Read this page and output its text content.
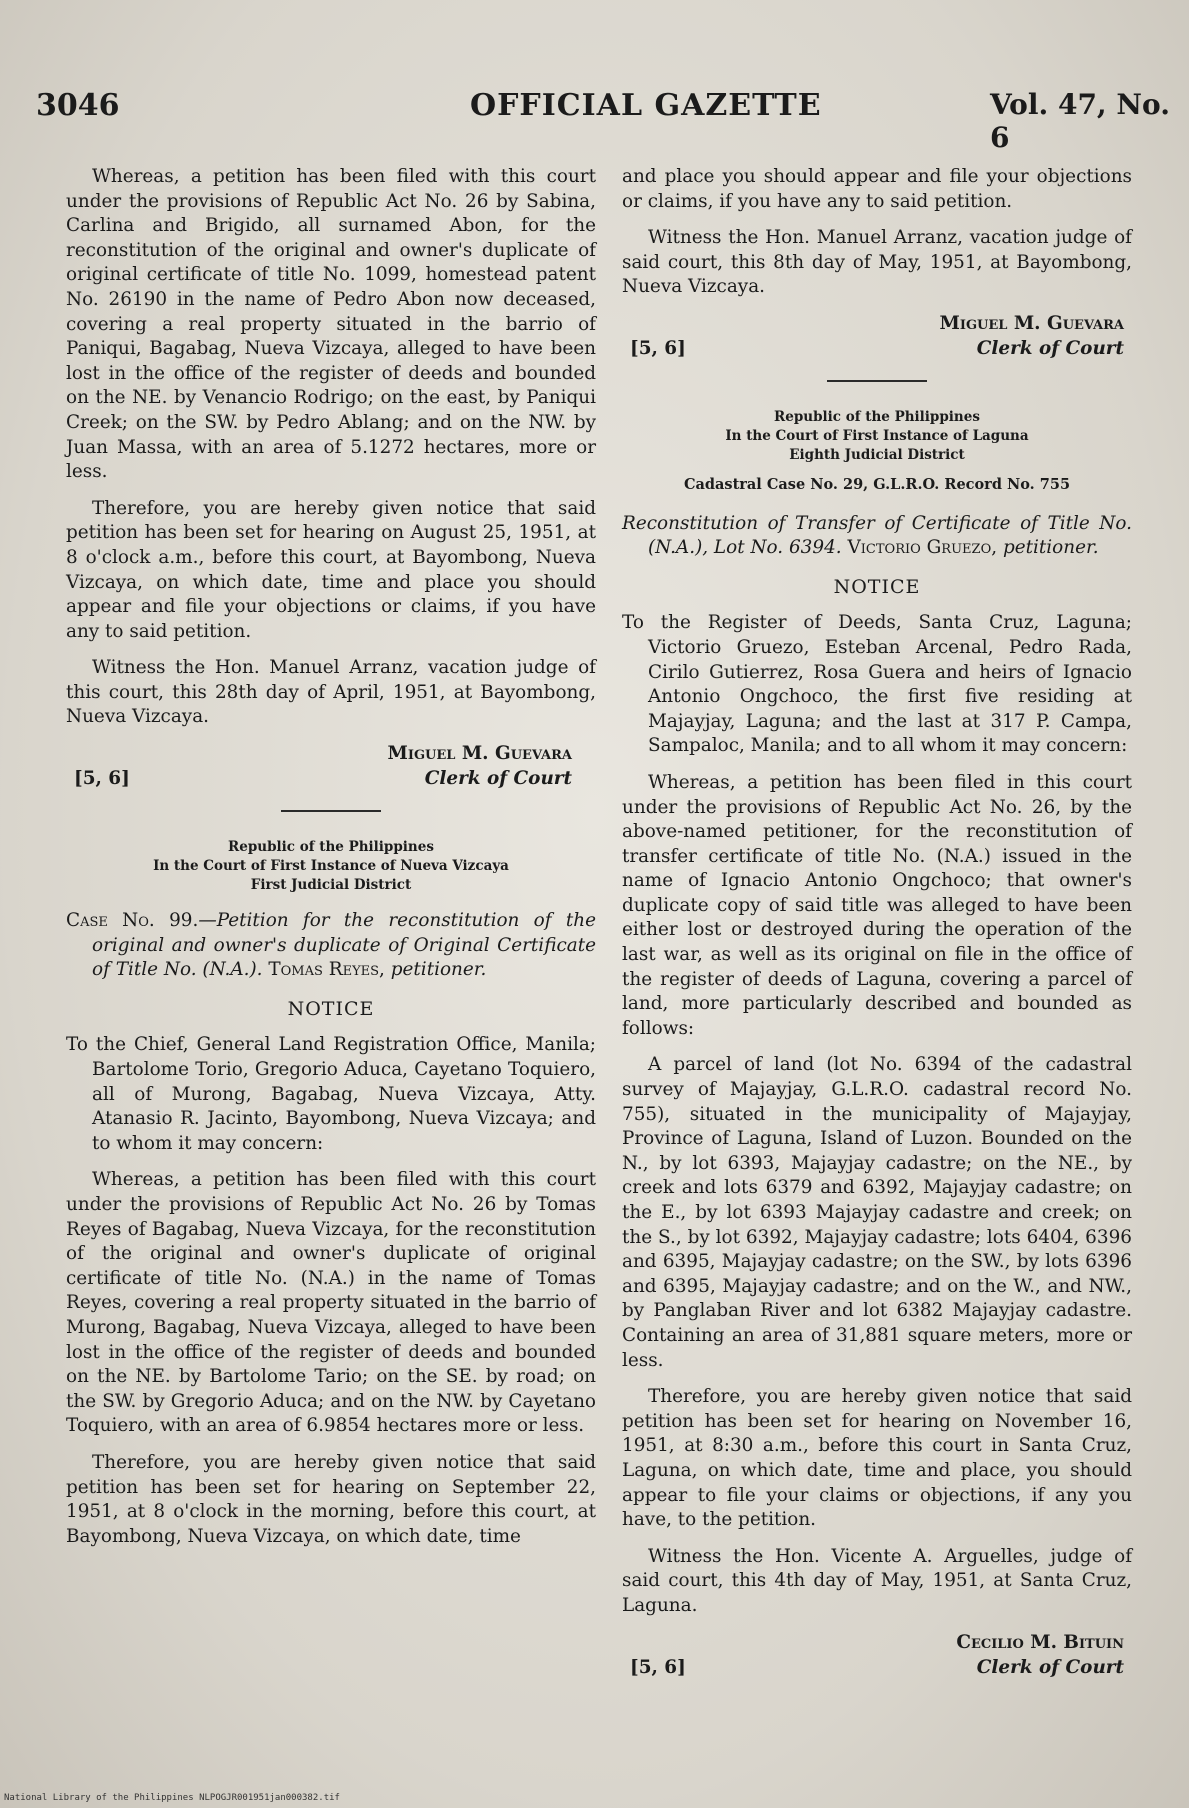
3046	OFFICIAL GAZETTE	Vol. 47, No. 6

Whereas, a petition has been filed with this court under the provisions of Republic Act No. 26 by Sabina, Carlina and Brigido, all surnamed Abon, for the reconstitution of the original and owner's duplicate of original certificate of title No. 1099, homestead patent No. 26190 in the name of Pedro Abon now deceased, covering a real property situated in the barrio of Paniqui, Bagabag, Nueva Vizcaya, alleged to have been lost in the office of the register of deeds and bounded on the NE. by Venancio Rodrigo; on the east, by Paniqui Creek; on the SW. by Pedro Ablang; and on the NW. by Juan Massa, with an area of 5.1272 hectares, more or less.

Therefore, you are hereby given notice that said petition has been set for hearing on August 25, 1951, at 8 o'clock a.m., before this court, at Bayombong, Nueva Vizcaya, on which date, time and place you should appear and file your objections or claims, if you have any to said petition.

Witness the Hon. Manuel Arranz, vacation judge of this court, this 28th day of April, 1951, at Bayombong, Nueva Vizcaya.

Miguel M. Guevara
[5, 6]	Clerk of Court
Republic of the Philippines
In the Court of First Instance of Nueva Vizcaya
First Judicial District
Case No. 99.—Petition for the reconstitution of the original and owner's duplicate of Original Certificate of Title No. (N.A.). Tomas Reyes, petitioner.
NOTICE
To the Chief, General Land Registration Office, Manila; Bartolome Torio, Gregorio Aduca, Cayetano Toquiero, all of Murong, Bagabag, Nueva Vizcaya, Atty. Atanasio R. Jacinto, Bayombong, Nueva Vizcaya; and to whom it may concern:

Whereas, a petition has been filed with this court under the provisions of Republic Act No. 26 by Tomas Reyes of Bagabag, Nueva Vizcaya, for the reconstitution of the original and owner's duplicate of original certificate of title No. (N.A.) in the name of Tomas Reyes, covering a real property situated in the barrio of Murong, Bagabag, Nueva Vizcaya, alleged to have been lost in the office of the register of deeds and bounded on the NE. by Bartolome Tario; on the SE. by road; on the SW. by Gregorio Aduca; and on the NW. by Cayetano Toquiero, with an area of 6.9854 hectares more or less.

Therefore, you are hereby given notice that said petition has been set for hearing on September 22, 1951, at 8 o'clock in the morning, before this court, at Bayombong, Nueva Vizcaya, on which date, time

and place you should appear and file your objections or claims, if you have any to said petition.

Witness the Hon. Manuel Arranz, vacation judge of said court, this 8th day of May, 1951, at Bayombong, Nueva Vizcaya.

Miguel M. Guevara
[5, 6]	Clerk of Court
Republic of the Philippines
In the Court of First Instance of Laguna
Eighth Judicial District
Cadastral Case No. 29, G.L.R.O. Record No. 755
Reconstitution of Transfer of Certificate of Title No. (N.A.), Lot No. 6394. Victorio Gruezo, petitioner.
NOTICE
To the Register of Deeds, Santa Cruz, Laguna; Victorio Gruezo, Esteban Arcenal, Pedro Rada, Cirilo Gutierrez, Rosa Guera and heirs of Ignacio Antonio Ongchoco, the first five residing at Majayjay, Laguna; and the last at 317 P. Campa, Sampaloc, Manila; and to all whom it may concern:

Whereas, a petition has been filed in this court under the provisions of Republic Act No. 26, by the above-named petitioner, for the reconstitution of transfer certificate of title No. (N.A.) issued in the name of Ignacio Antonio Ongchoco; that owner's duplicate copy of said title was alleged to have been either lost or destroyed during the operation of the last war, as well as its original on file in the office of the register of deeds of Laguna, covering a parcel of land, more particularly described and bounded as follows:

A parcel of land (lot No. 6394 of the cadastral survey of Majayjay, G.L.R.O. cadastral record No. 755), situated in the municipality of Majayjay, Province of Laguna, Island of Luzon. Bounded on the N., by lot 6393, Majayjay cadastre; on the NE., by creek and lots 6379 and 6392, Majayjay cadastre; on the E., by lot 6393 Majayjay cadastre and creek; on the S., by lot 6392, Majayjay cadastre; lots 6404, 6396 and 6395, Majayjay cadastre; on the SW., by lots 6396 and 6395, Majayjay cadastre; and on the W., and NW., by Panglaban River and lot 6382 Majayjay cadastre. Containing an area of 31,881 square meters, more or less.

Therefore, you are hereby given notice that said petition has been set for hearing on November 16, 1951, at 8:30 a.m., before this court in Santa Cruz, Laguna, on which date, time and place, you should appear to file your claims or objections, if any you have, to the petition.

Witness the Hon. Vicente A. Arguelles, judge of said court, this 4th day of May, 1951, at Santa Cruz, Laguna.

Cecilio M. Bituin
[5, 6]	Clerk of Court
National Library of the Philippines NLPOGJR001951jan000382.tif
